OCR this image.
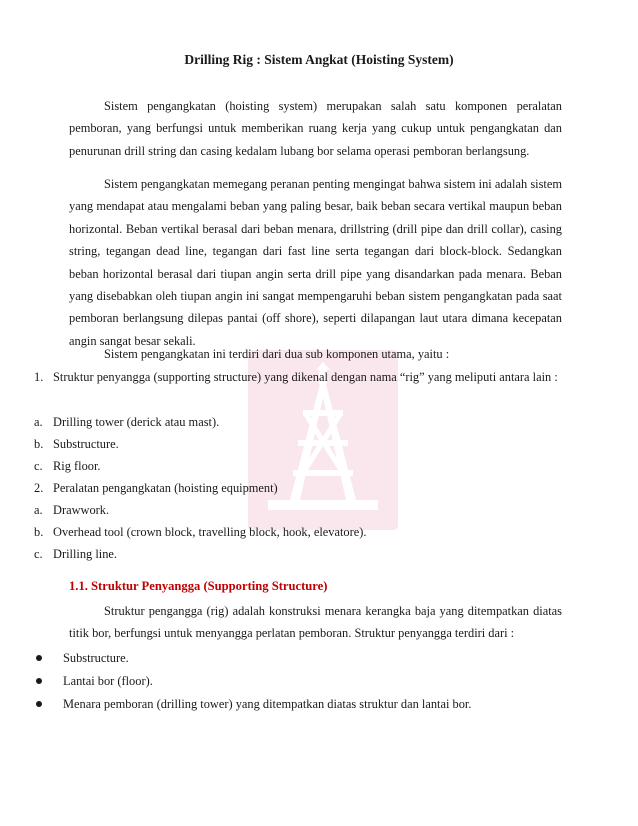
Drilling Rig : Sistem Angkat (Hoisting System)
Sistem pengangkatan (hoisting system) merupakan salah satu komponen peralatan pemboran, yang berfungsi untuk memberikan ruang kerja yang cukup untuk pengangkatan dan penurunan drill string dan casing kedalam lubang bor selama operasi pemboran berlangsung.
Sistem pengangkatan memegang peranan penting mengingat bahwa sistem ini adalah sistem yang mendapat atau mengalami beban yang paling besar, baik beban secara vertikal maupun beban horizontal. Beban vertikal berasal dari beban menara, drillstring (drill pipe dan drill collar), casing string, tegangan dead line, tegangan dari fast line serta tegangan dari block-block. Sedangkan beban horizontal berasal dari tiupan angin serta drill pipe yang disandarkan pada menara. Beban yang disebabkan oleh tiupan angin ini sangat mempengaruhi beban sistem pengangkatan pada saat pemboran berlangsung dilepas pantai (off shore), seperti dilapangan laut utara dimana kecepatan angin sangat besar sekali.
Sistem pengangkatan ini terdiri dari dua sub komponen utama, yaitu :
1. Struktur penyangga (supporting structure) yang dikenal dengan nama “rig” yang meliputi antara lain :
a. Drilling tower (derick atau mast).
b. Substructure.
c. Rig floor.
2. Peralatan pengangkatan (hoisting equipment)
a. Drawwork.
b. Overhead tool (crown block, travelling block, hook, elevatore).
c. Drilling line.
1.1. Struktur Penyangga (Supporting Structure)
Struktur pengangga (rig) adalah konstruksi menara kerangka baja yang ditempatkan diatas titik bor, berfungsi untuk menyangga perlatan pemboran. Struktur penyangga terdiri dari :
Substructure.
Lantai bor (floor).
Menara pemboran (drilling tower) yang ditempatkan diatas struktur dan lantai bor.
